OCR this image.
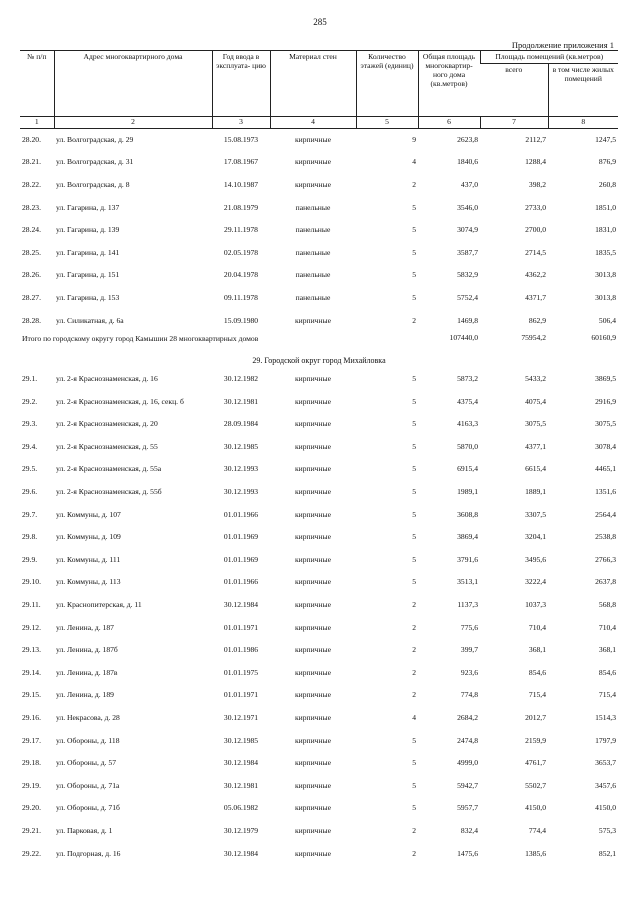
285
Продолжение приложения 1
№ п/п	Адрес многоквартирного дома	Год ввода в эксплуата- цию	Материал стен	Количество этажей (единиц)	Общая площадь многоквартир- ного дома (кв.метров)	Площадь помещений (кв.метров)	
						всего	в том числе жилых помещений
1	2	3	4	5	6	7	8
28.20.	ул. Волгоградская, д. 29	15.08.1973	кирпичные	9	2623,8	2112,7	1247,5
28.21.	ул. Волгоградская, д. 31	17.08.1967	кирпичные	4	1840,6	1288,4	876,9
28.22.	ул. Волгоградская, д. 8	14.10.1987	кирпичные	2	437,0	398,2	260,8
28.23.	ул. Гагарина, д. 137	21.08.1979	панельные	5	3546,0	2733,0	1851,0
28.24.	ул. Гагарина, д. 139	29.11.1978	панельные	5	3074,9	2700,0	1831,0
28.25.	ул. Гагарина, д. 141	02.05.1978	панельные	5	3587,7	2714,5	1835,5
28.26.	ул. Гагарина, д. 151	20.04.1978	панельные	5	5832,9	4362,2	3013,8
28.27.	ул. Гагарина, д. 153	09.11.1978	панельные	5	5752,4	4371,7	3013,8
28.28.	ул. Силикатная, д. 6а	15.09.1980	кирпичные	2	1469,8	862,9	506,4
Итого по городскому округу город Камышин 28 многоквартирных домов					107440,0	75954,2	60160,9
29. Городской округ город Михайловка							
29.1.	ул. 2-я Краснознаменская, д. 16	30.12.1982	кирпичные	5	5873,2	5433,2	3869,5
29.2.	ул. 2-я Краснознаменская, д. 16, секц. б	30.12.1981	кирпичные	5	4375,4	4075,4	2916,9
29.3.	ул. 2-я Краснознаменская, д. 20	28.09.1984	кирпичные	5	4163,3	3075,5	3075,5
29.4.	ул. 2-я Краснознаменская, д. 55	30.12.1985	кирпичные	5	5870,0	4377,1	3078,4
29.5.	ул. 2-я Краснознаменская, д. 55а	30.12.1993	кирпичные	5	6915,4	6615,4	4465,1
29.6.	ул. 2-я Краснознаменская, д. 55б	30.12.1993	кирпичные	5	1989,1	1889,1	1351,6
29.7.	ул. Коммуны, д. 107	01.01.1966	кирпичные	5	3608,8	3307,5	2564,4
29.8.	ул. Коммуны, д. 109	01.01.1969	кирпичные	5	3869,4	3204,1	2538,8
29.9.	ул. Коммуны, д. 111	01.01.1969	кирпичные	5	3791,6	3495,6	2766,3
29.10.	ул. Коммуны, д. 113	01.01.1966	кирпичные	5	3513,1	3222,4	2637,8
29.11.	ул. Краснопитерская, д. 11	30.12.1984	кирпичные	2	1137,3	1037,3	568,8
29.12.	ул. Ленина, д. 187	01.01.1971	кирпичные	2	775,6	710,4	710,4
29.13.	ул. Ленина, д. 187б	01.01.1986	кирпичные	2	399,7	368,1	368,1
29.14.	ул. Ленина, д. 187в	01.01.1975	кирпичные	2	923,6	854,6	854,6
29.15.	ул. Ленина, д. 189	01.01.1971	кирпичные	2	774,8	715,4	715,4
29.16.	ул. Некрасова, д. 28	30.12.1971	кирпичные	4	2684,2	2012,7	1514,3
29.17.	ул. Обороны, д. 118	30.12.1985	кирпичные	5	2474,8	2159,9	1797,9
29.18.	ул. Обороны, д. 57	30.12.1984	кирпичные	5	4999,0	4761,7	3653,7
29.19.	ул. Обороны, д. 71а	30.12.1981	кирпичные	5	5942,7	5502,7	3457,6
29.20.	ул. Обороны, д. 71б	05.06.1982	кирпичные	5	5957,7	4150,0	4150,0
29.21.	ул. Парковая, д. 1	30.12.1979	кирпичные	2	832,4	774,4	575,3
29.22.	ул. Подгорная, д. 16	30.12.1984	кирпичные	2	1475,6	1385,6	852,1
